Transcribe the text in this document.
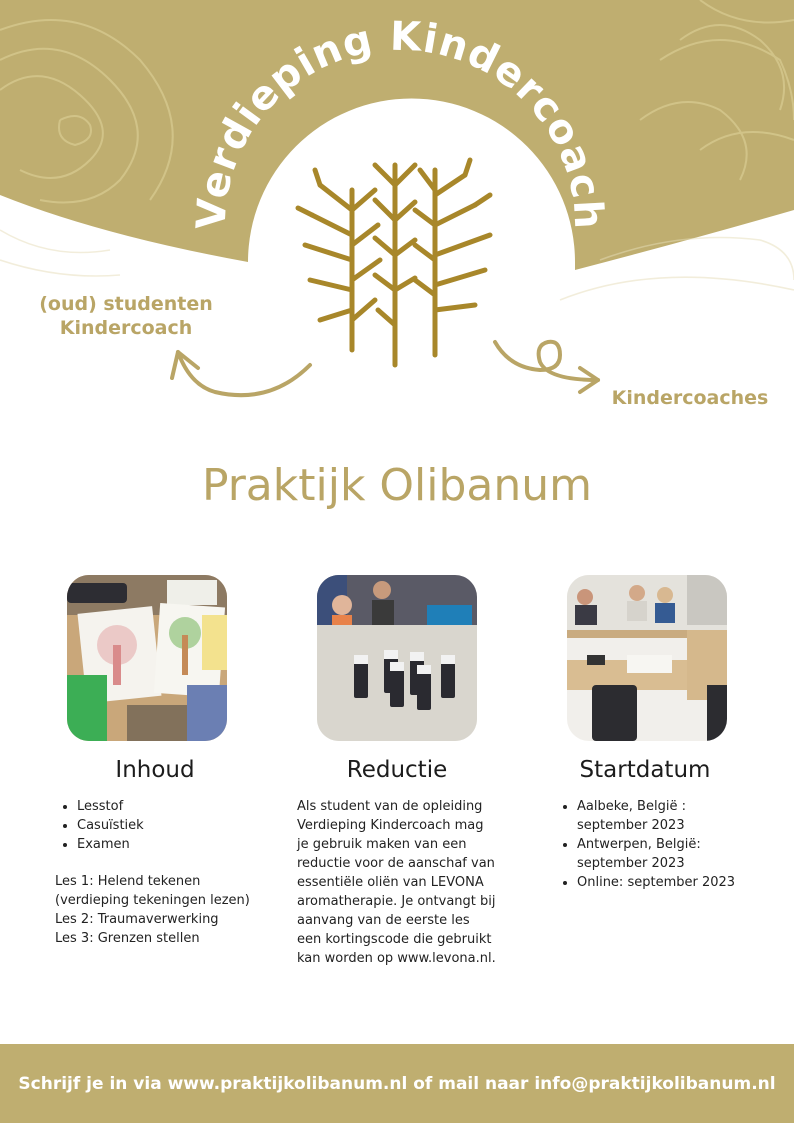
Verdieping Kindercoach

(oud) studenten Kindercoach

Kindercoaches

Praktijk Olibanum
Inhoud
• Lesstof
• Casuïstiek
• Examen

Les 1: Helend tekenen (verdieping tekeningen lezen)

Les 2: Traumaverwerking

Les 3: Grenzen stellen

Reductie

Als student van de opleiding Verdieping Kindercoach mag je gebruik maken van een reductie voor de aanschaf van essentiële oliën van LEVONA aromatherapie. Je ontvangt bij aanvang van de eerste les een kortingscode die gebruikt kan worden op www.levona.nl.

Startdatum
• Aalbeke, België : september 2023
• Antwerpen, België: september 2023
• Online: september 2023
Schrijf je in via www.praktijkolibanum.nl of mail naar info@praktijkolibanum.nl
